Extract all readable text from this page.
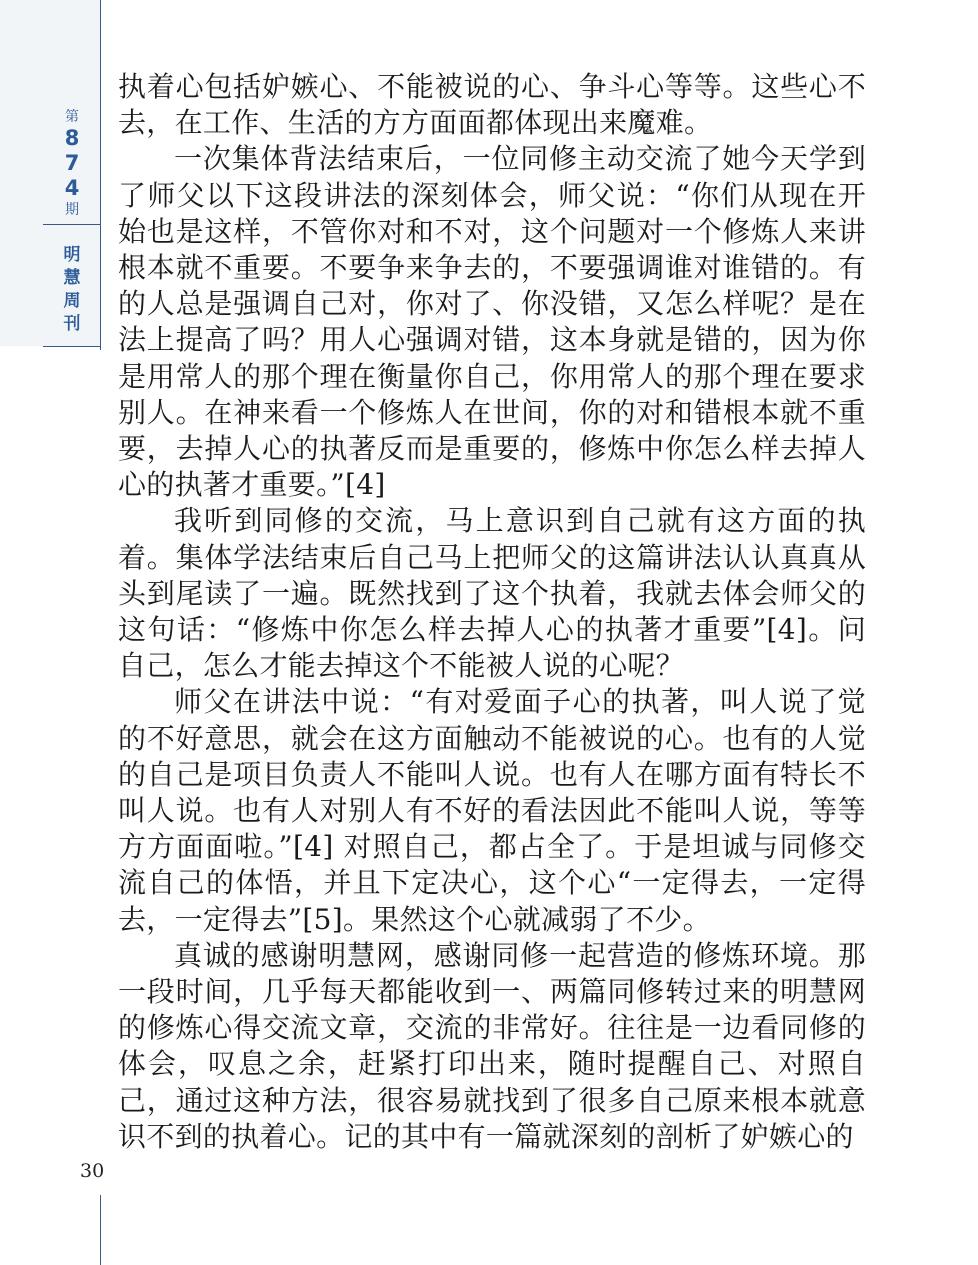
第
8
7
4
期
明
慧
周
刊
30

执着心包括妒嫉心、不能被说的心、争斗心等等。这些心不去，在工作、生活的方方面面都体现出来魔难。

一次集体背法结束后，一位同修主动交流了她今天学到了师父以下这段讲法的深刻体会，师父说：“你们从现在开始也是这样，不管你对和不对，这个问题对一个修炼人来讲根本就不重要。不要争来争去的，不要强调谁对谁错的。有的人总是强调自己对，你对了、你没错，又怎么样呢？是在法上提高了吗？用人心强调对错，这本身就是错的，因为你是用常人的那个理在衡量你自己，你用常人的那个理在要求别人。在神来看一个修炼人在世间，你的对和错根本就不重要，去掉人心的执著反而是重要的，修炼中你怎么样去掉人心的执著才重要。”[4]

我听到同修的交流，马上意识到自己就有这方面的执着。集体学法结束后自己马上把师父的这篇讲法认认真真从头到尾读了一遍。既然找到了这个执着，我就去体会师父的这句话：“修炼中你怎么样去掉人心的执著才重要”[4]。问自己，怎么才能去掉这个不能被人说的心呢？

师父在讲法中说：“有对爱面子心的执著，叫人说了觉的不好意思，就会在这方面触动不能被说的心。也有的人觉的自己是项目负责人不能叫人说。也有人在哪方面有特长不叫人说。也有人对别人有不好的看法因此不能叫人说，等等方方面面啦。”[4] 对照自己，都占全了。于是坦诚与同修交流自己的体悟，并且下定决心，这个心“一定得去，一定得去，一定得去”[5]。果然这个心就减弱了不少。

真诚的感谢明慧网，感谢同修一起营造的修炼环境。那一段时间，几乎每天都能收到一、两篇同修转过来的明慧网的修炼心得交流文章，交流的非常好。往往是一边看同修的体会，叹息之余，赶紧打印出来，随时提醒自己、对照自己，通过这种方法，很容易就找到了很多自己原来根本就意识不到的执着心。记的其中有一篇就深刻的剖析了妒嫉心的
